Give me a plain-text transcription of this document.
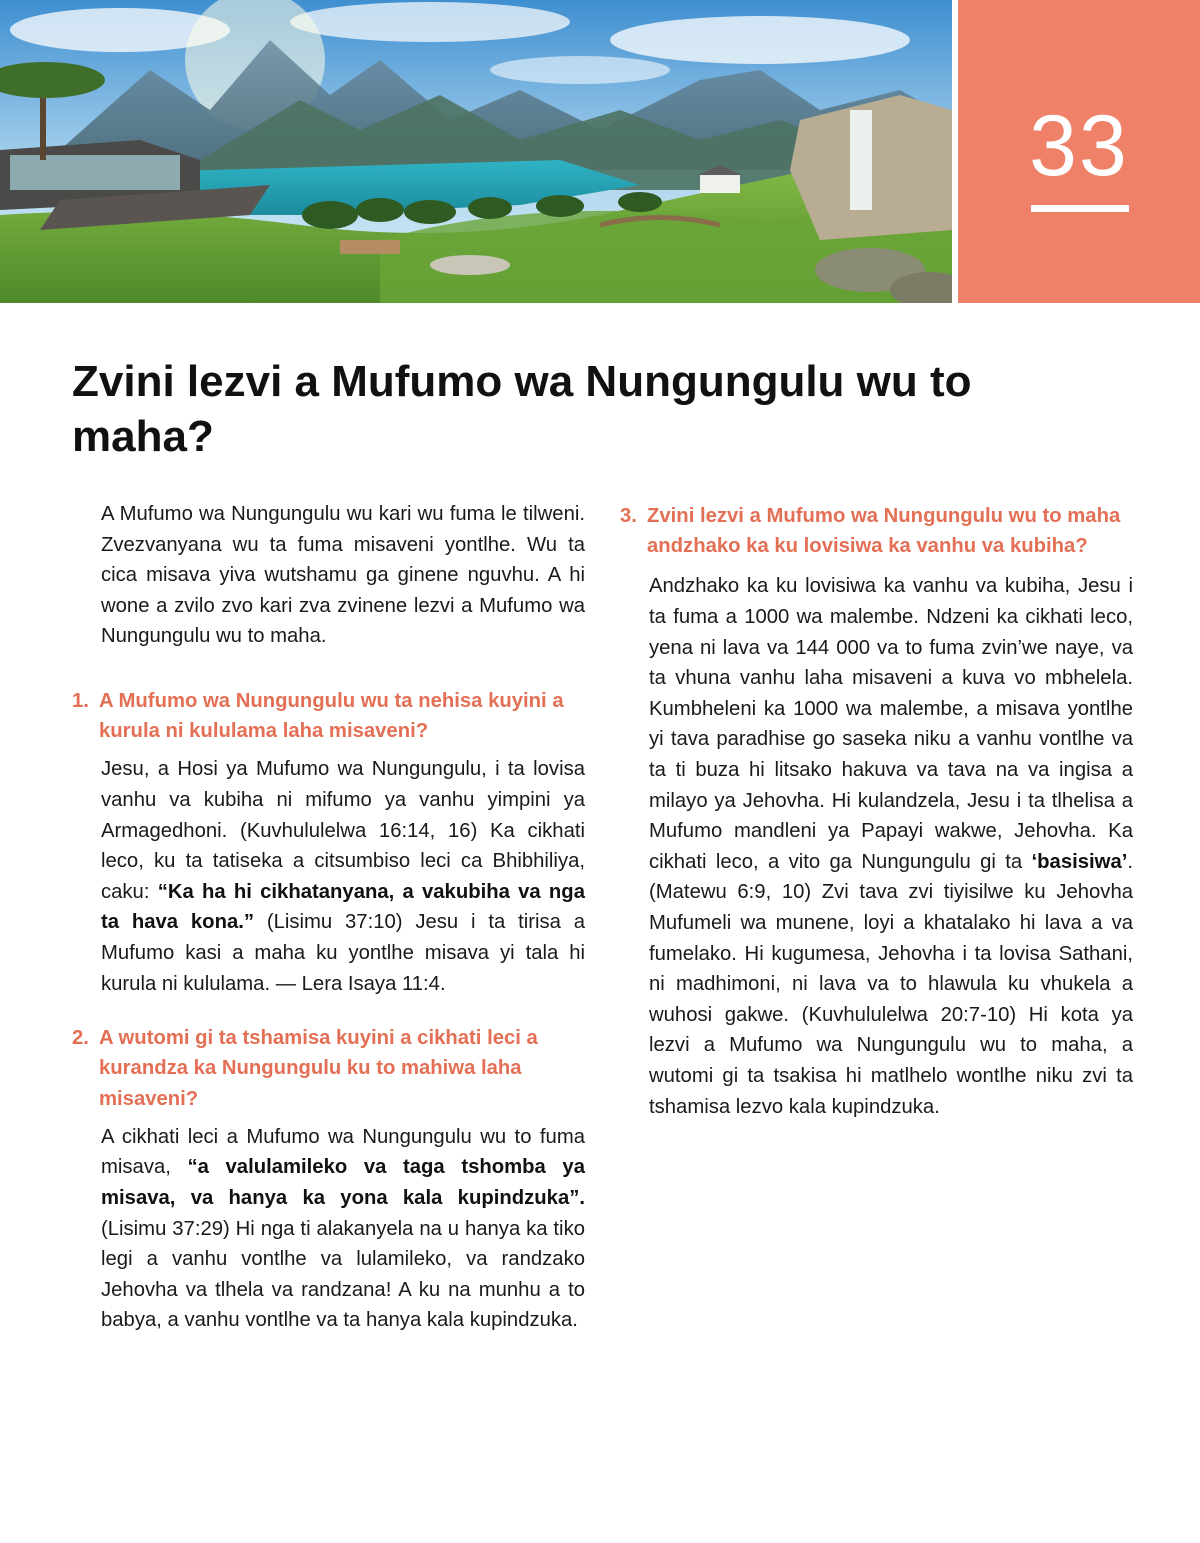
33
Zvini lezvi a Mufumo wa Nungungulu wu to maha?

A Mufumo wa Nungungulu wu kari wu fuma le tilweni. Zvezvanyana wu ta fuma misaveni yontlhe. Wu ta cica misava yiva wutshamu ga ginene nguvhu. A hi wone a zvilo zvo kari zva zvinene lezvi a Mufumo wa Nungungulu wu to maha.

1. A Mufumo wa Nungungulu wu ta nehisa kuyini a kurula ni kululama laha misaveni?

Jesu, a Hosi ya Mufumo wa Nungungulu, i ta lovisa vanhu va kubiha ni mifumo ya vanhu yimpini ya Armagedhoni. (Kuvhululelwa 16:14, 16) Ka cikhati leco, ku ta tatiseka a citsumbiso leci ca Bhibhiliya, caku: “Ka ha hi cikhatanyana, a vakubiha va nga ta hava kona.” (Lisimu 37:10) Jesu i ta tirisa a Mufumo kasi a maha ku yontlhe misava yi tala hi kurula ni kululama. — Lera Isaya 11:4.

2. A wutomi gi ta tshamisa kuyini a cikhati leci a kurandza ka Nungungulu ku to mahiwa laha misaveni?

A cikhati leci a Mufumo wa Nungungulu wu to fuma misava, “a valulamileko va taga tshomba ya misava, va hanya ka yona kala kupindzuka”. (Lisimu 37:29) Hi nga ti alakanyela na u hanya ka tiko legi a vanhu vontlhe va lulamileko, va randzako Jehovha va tlhela va randzana! A ku na munhu a to babya, a vanhu vontlhe va ta hanya kala kupindzuka.

3. Zvini lezvi a Mufumo wa Nungungulu wu to maha andzhako ka ku lovisiwa ka vanhu va kubiha?

Andzhako ka ku lovisiwa ka vanhu va kubiha, Jesu i ta fuma a 1000 wa malembe. Ndzeni ka cikhati leco, yena ni lava va 144 000 va to fuma zvin’we naye, va ta vhuna vanhu laha misaveni a kuva vo mbhelela. Kumbheleni ka 1000 wa malembe, a misava yontlhe yi tava paradhise go saseka niku a vanhu vontlhe va ta ti buza hi litsako hakuva va tava na va ingisa a milayo ya Jehovha. Hi kulandzela, Jesu i ta tlhelisa a Mufumo mandleni ya Papayi wakwe, Jehovha. Ka cikhati leco, a vito ga Nungungulu gi ta ‘basisiwa’. (Matewu 6:9, 10) Zvi tava zvi tiyisilwe ku Jehovha Mufumeli wa munene, loyi a khatalako hi lava a va fumelako. Hi kugumesa, Jehovha i ta lovisa Sathani, ni madhimoni, ni lava va to hlawula ku vhukela a wuhosi gakwe. (Kuvhululelwa 20:7-10) Hi kota ya lezvi a Mufumo wa Nungungulu wu to maha, a wutomi gi ta tsakisa hi matlhelo wontlhe niku zvi ta tshamisa lezvo kala kupindzuka.
